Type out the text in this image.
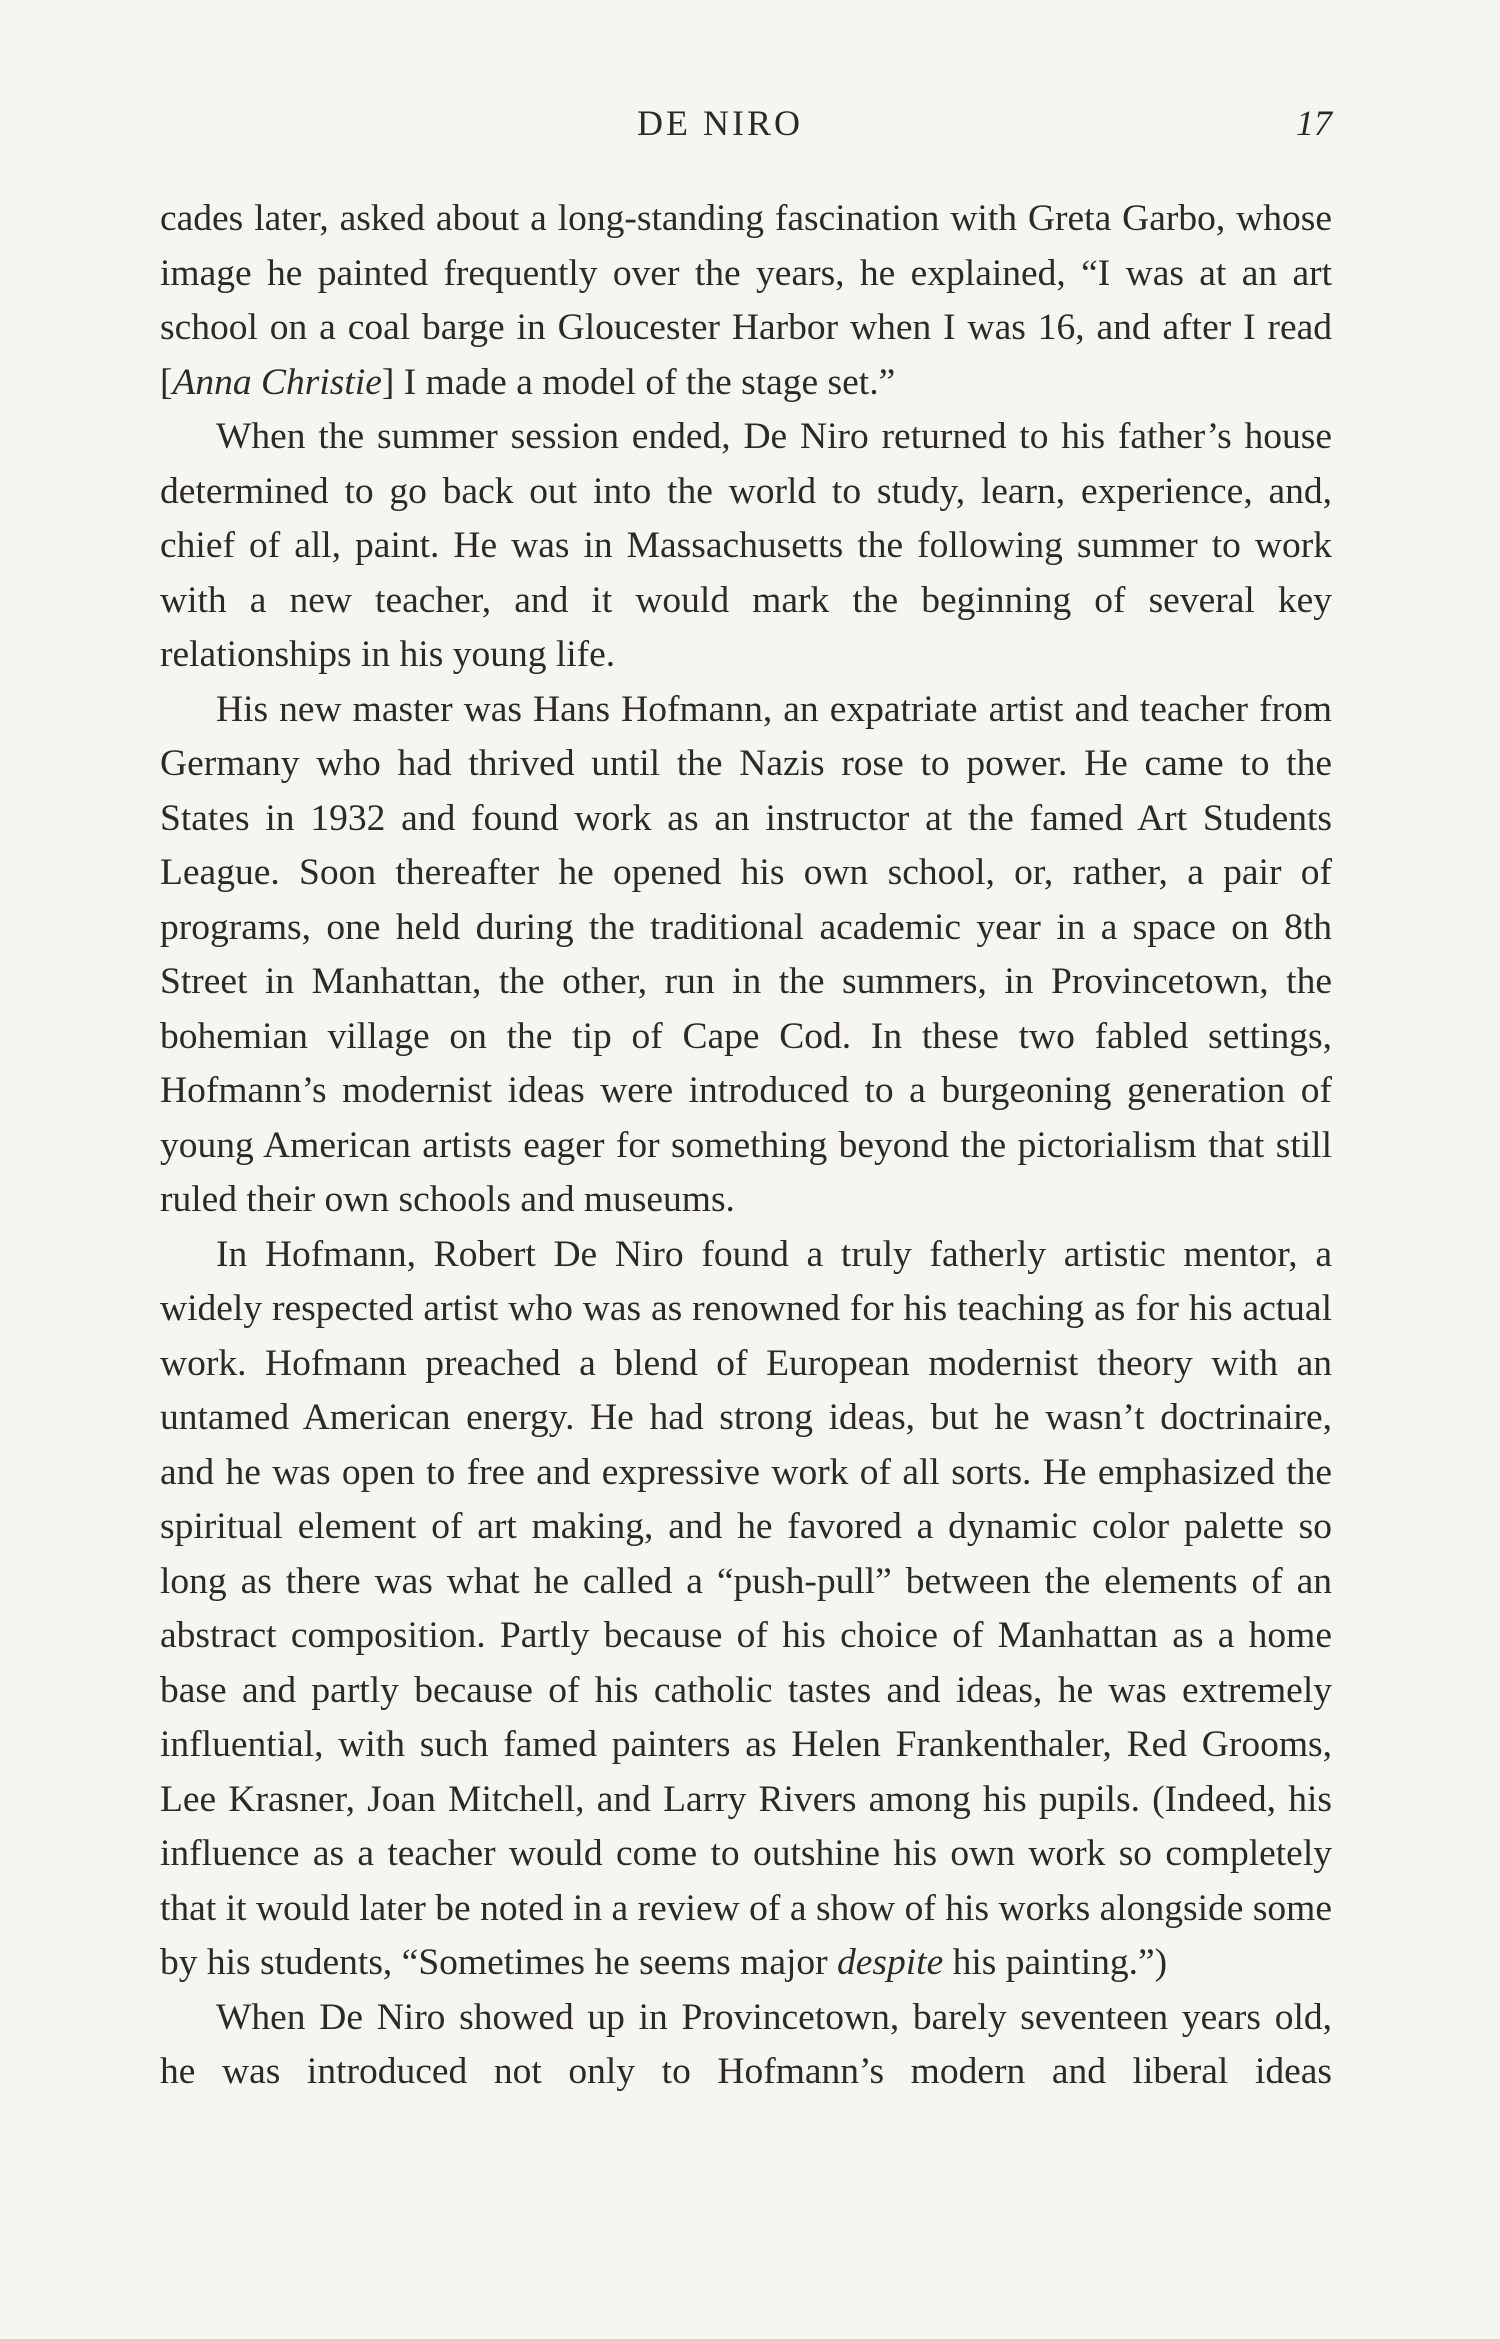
DE NIRO	17

cades later, asked about a long-standing fascination with Greta Garbo, whose image he painted frequently over the years, he explained, “I was at an art school on a coal barge in Gloucester Harbor when I was 16, and after I read [Anna Christie] I made a model of the stage set.”

When the summer session ended, De Niro returned to his father’s house determined to go back out into the world to study, learn, experience, and, chief of all, paint. He was in Massachusetts the following summer to work with a new teacher, and it would mark the beginning of several key relationships in his young life.

His new master was Hans Hofmann, an expatriate artist and teacher from Germany who had thrived until the Nazis rose to power. He came to the States in 1932 and found work as an instructor at the famed Art Students League. Soon thereafter he opened his own school, or, rather, a pair of programs, one held during the traditional academic year in a space on 8th Street in Manhattan, the other, run in the summers, in Provincetown, the bohemian village on the tip of Cape Cod. In these two fabled settings, Hofmann’s modernist ideas were introduced to a burgeoning generation of young American artists eager for something beyond the pictorialism that still ruled their own schools and museums.

In Hofmann, Robert De Niro found a truly fatherly artistic mentor, a widely respected artist who was as renowned for his teaching as for his actual work. Hofmann preached a blend of European modernist theory with an untamed American energy. He had strong ideas, but he wasn’t doctrinaire, and he was open to free and expressive work of all sorts. He emphasized the spiritual element of art making, and he favored a dynamic color palette so long as there was what he called a “push-pull” between the elements of an abstract composition. Partly because of his choice of Manhattan as a home base and partly because of his catholic tastes and ideas, he was extremely influential, with such famed painters as Helen Frankenthaler, Red Grooms, Lee Krasner, Joan Mitchell, and Larry Rivers among his pupils. (Indeed, his influence as a teacher would come to outshine his own work so completely that it would later be noted in a review of a show of his works alongside some by his students, “Sometimes he seems major despite his painting.”)

When De Niro showed up in Provincetown, barely seventeen years old, he was introduced not only to Hofmann’s modern and liberal ideas
